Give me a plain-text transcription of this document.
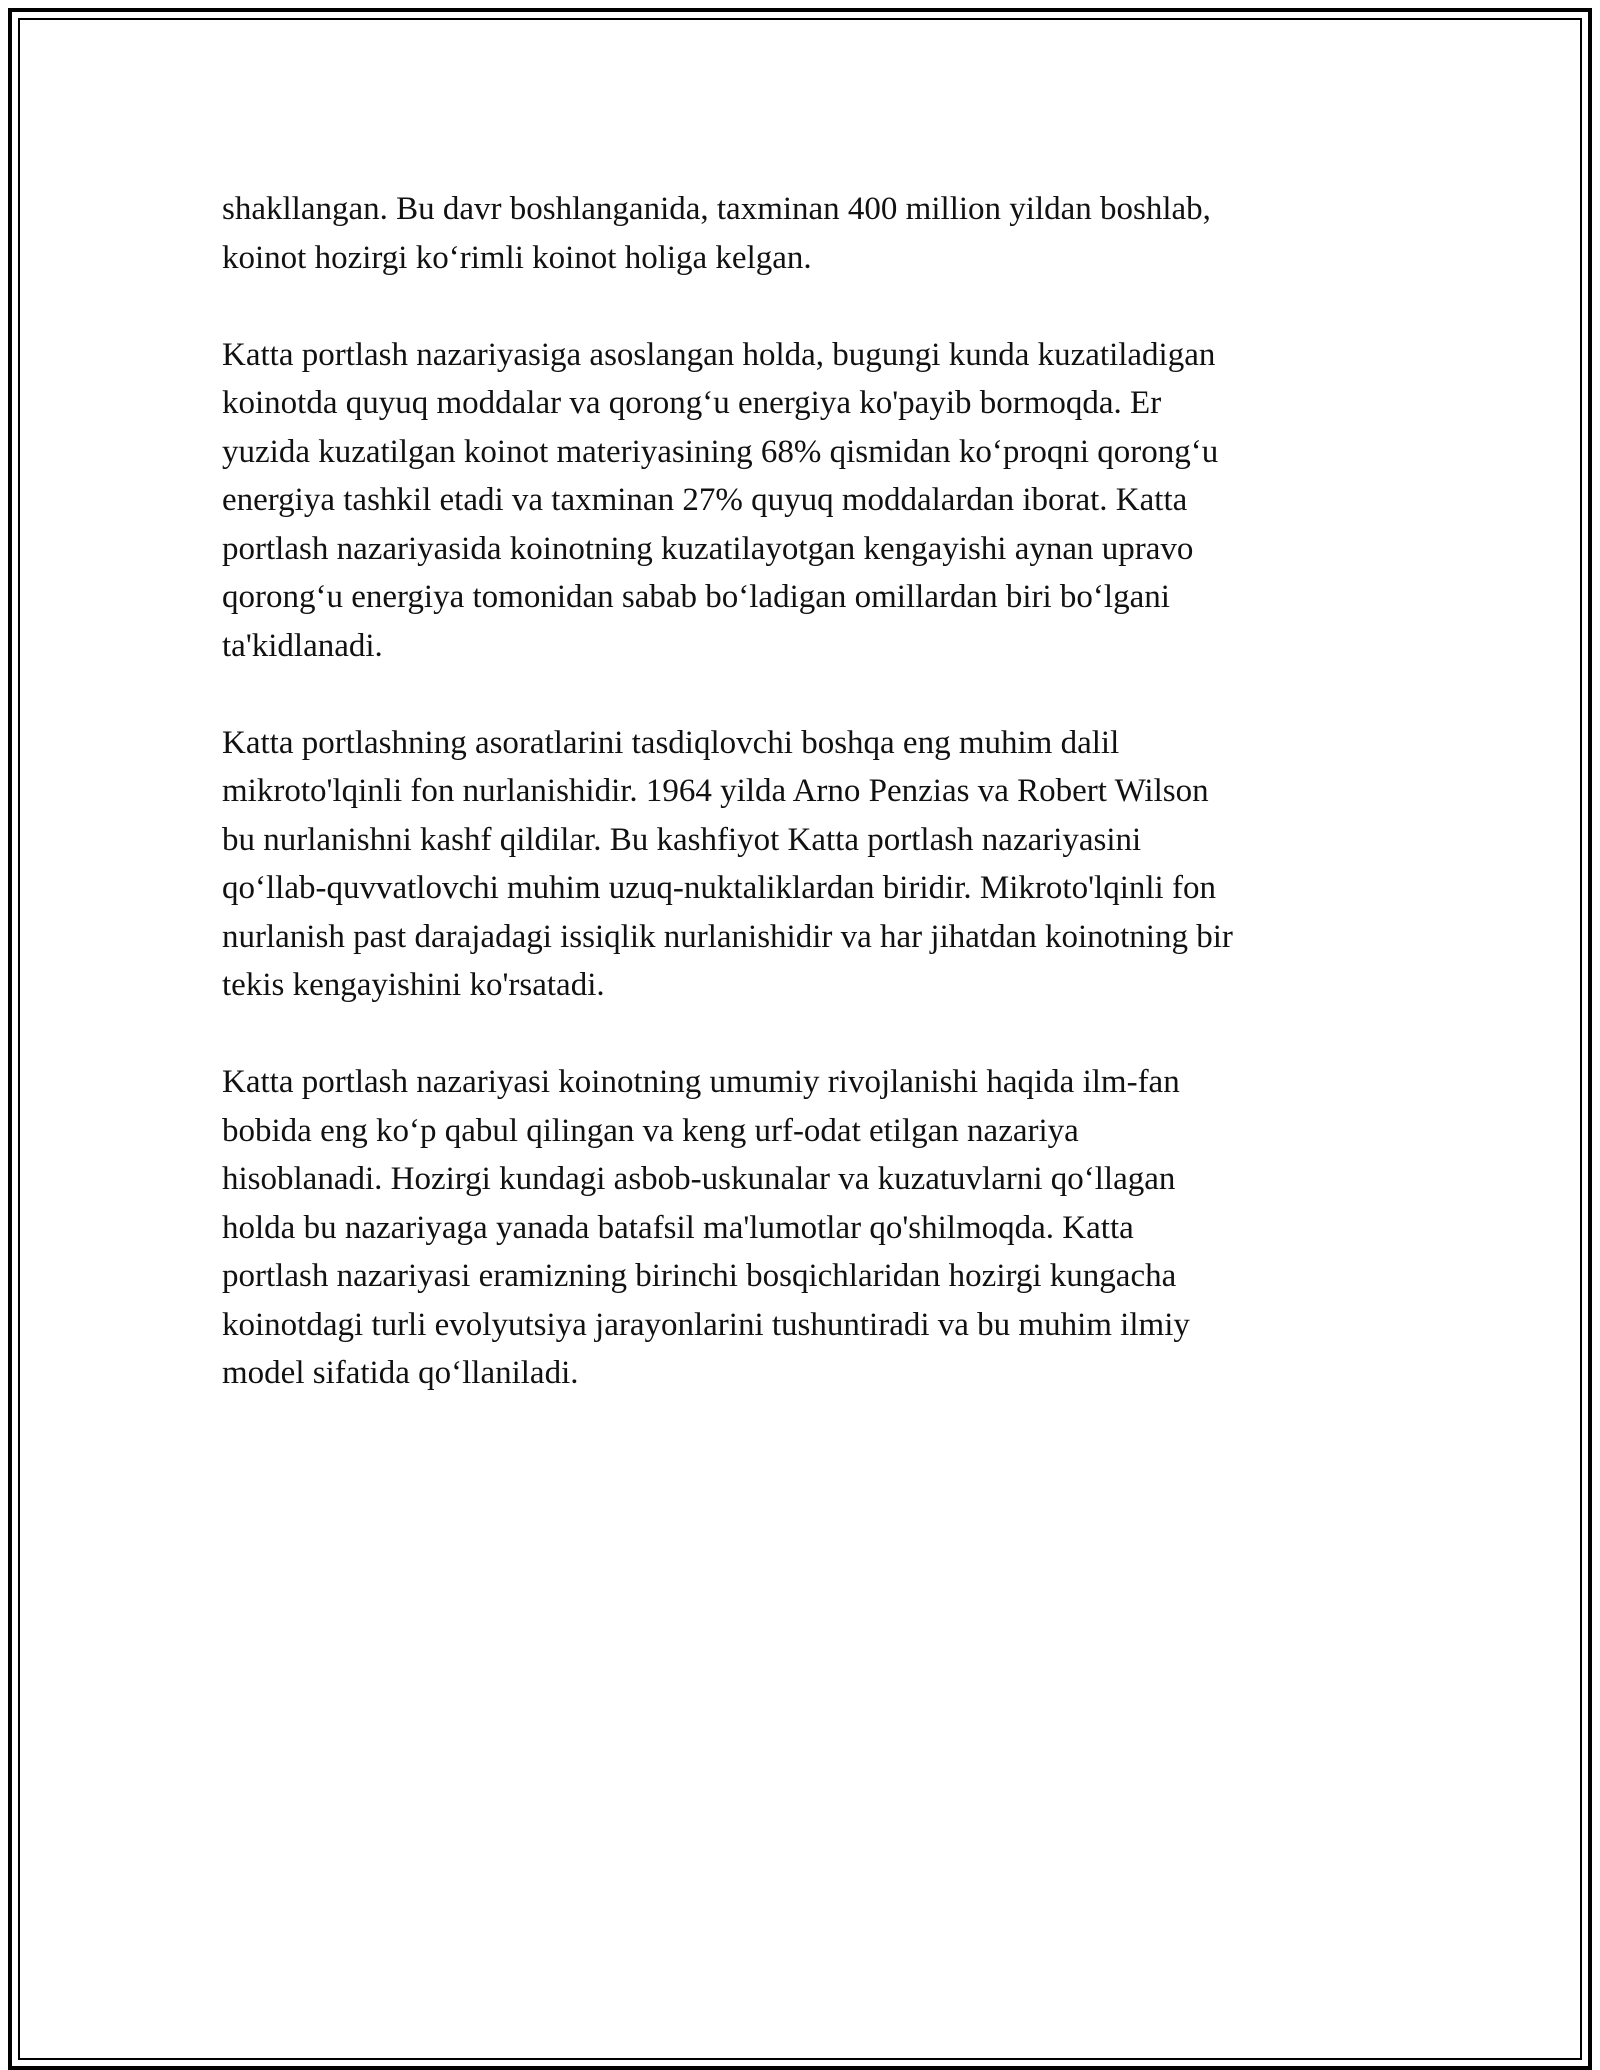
shakllangan. Bu davr boshlanganida, taxminan 400 million yildan boshlab,
koinot hozirgi ko‘rimli koinot holiga kelgan.

Katta portlash nazariyasiga asoslangan holda, bugungi kunda kuzatiladigan
koinotda quyuq moddalar va qorong‘u energiya ko'payib bormoqda. Er
yuzida kuzatilgan koinot materiyasining 68% qismidan ko‘proqni qorong‘u
energiya tashkil etadi va taxminan 27% quyuq moddalardan iborat. Katta
portlash nazariyasida koinotning kuzatilayotgan kengayishi aynan upravo
qorong‘u energiya tomonidan sabab bo‘ladigan omillardan biri bo‘lgani
ta'kidlanadi.

Katta portlashning asoratlarini tasdiqlovchi boshqa eng muhim dalil
mikroto'lqinli fon nurlanishidir. 1964 yilda Arno Penzias va Robert Wilson
bu nurlanishni kashf qildilar. Bu kashfiyot Katta portlash nazariyasini
qo‘llab-quvvatlovchi muhim uzuq-nuktaliklardan biridir. Mikroto'lqinli fon
nurlanish past darajadagi issiqlik nurlanishidir va har jihatdan koinotning bir
tekis kengayishini ko'rsatadi.

Katta portlash nazariyasi koinotning umumiy rivojlanishi haqida ilm-fan
bobida eng ko‘p qabul qilingan va keng urf-odat etilgan nazariya
hisoblanadi. Hozirgi kundagi asbob-uskunalar va kuzatuvlarni qo‘llagan
holda bu nazariyaga yanada batafsil ma'lumotlar qo'shilmoqda. Katta
portlash nazariyasi eramizning birinchi bosqichlaridan hozirgi kungacha
koinotdagi turli evolyutsiya jarayonlarini tushuntiradi va bu muhim ilmiy
model sifatida qo‘llaniladi.
